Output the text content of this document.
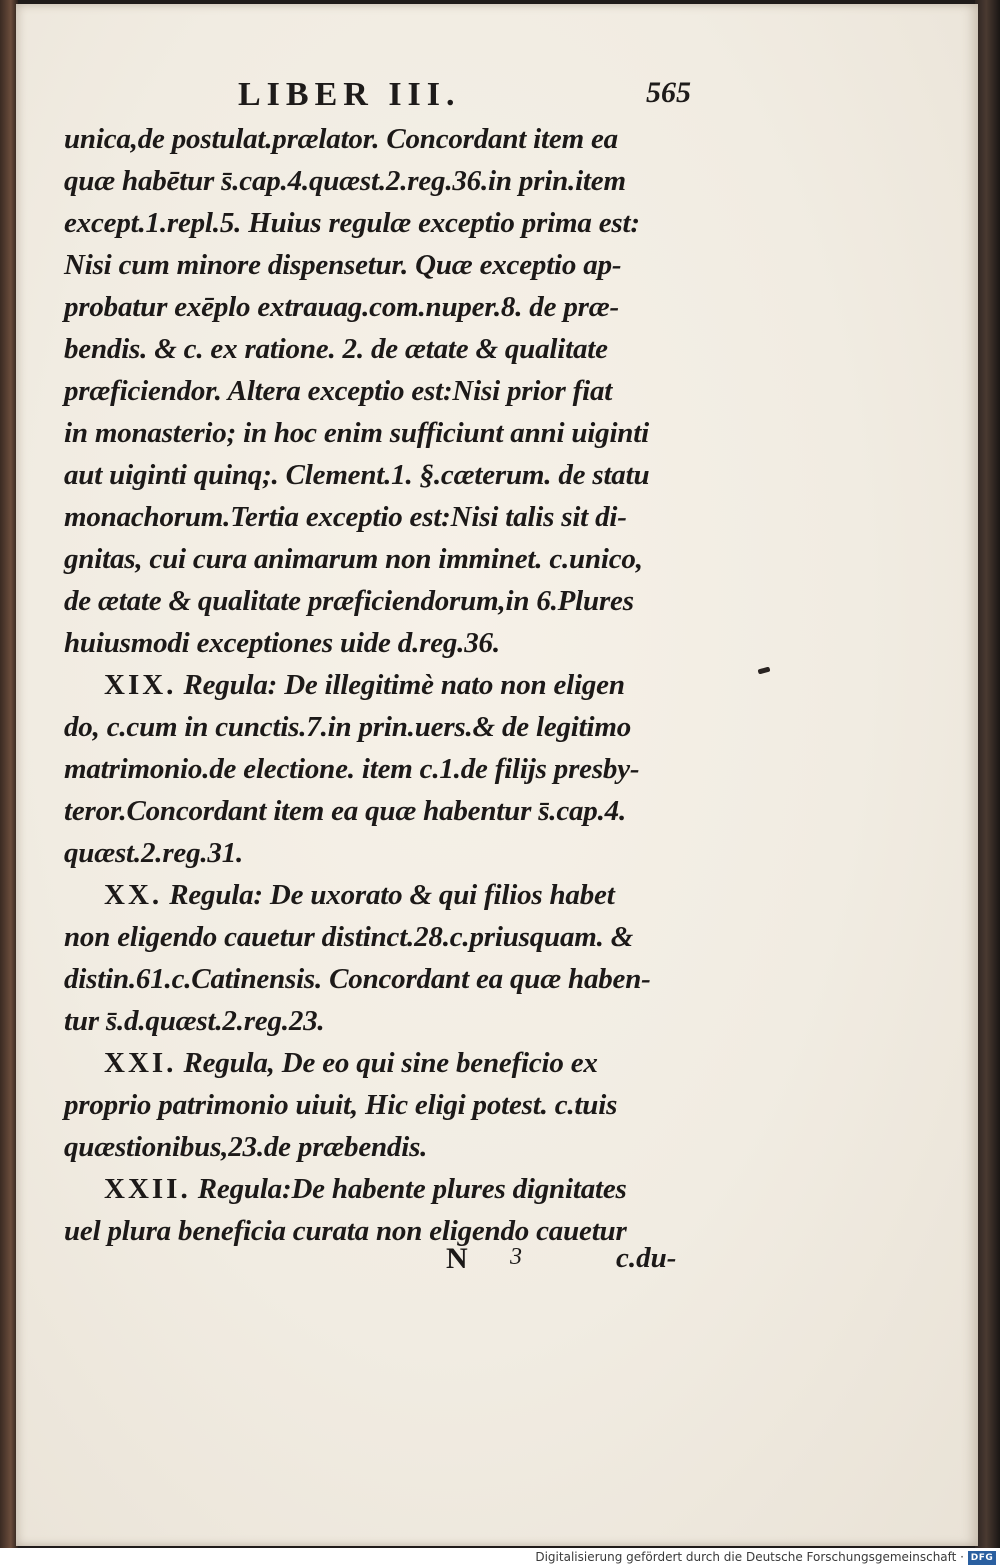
LIBER III.	565
unica,de postulat.prælator. Concordant item ea
quæ habētur s̄.cap.4.quæst.2.reg.36.in prin.item
except.1.repl.5. Huius regulæ exceptio prima est:
Nisi cum minore dispensetur. Quæ exceptio ap-
probatur exēplo extrauag.com.nuper.8. de præ-
bendis. & c. ex ratione. 2. de ætate & qualitate
præficiendor. Altera exceptio est:Nisi prior fiat
in monasterio; in hoc enim sufficiunt anni uiginti
aut uiginti quinq;. Clement.1. §.cæterum. de statu
monachorum.Tertia exceptio est:Nisi talis sit di-
gnitas, cui cura animarum non imminet. c.unico,
de ætate & qualitate præficiendorum,in 6.Plures
huiusmodi exceptiones uide d.reg.36.
XIX. Regula: De illegitimè nato non eligen
do, c.cum in cunctis.7.in prin.uers.& de legitimo
matrimonio.de electione. item c.1.de filijs presby-
teror.Concordant item ea quæ habentur s̄.cap.4.
quæst.2.reg.31.
XX. Regula: De uxorato & qui filios habet
non eligendo cauetur distinct.28.c.priusquam. &
distin.61.c.Catinensis. Concordant ea quæ haben-
tur s̄.d.quæst.2.reg.23.
XXI. Regula, De eo qui sine beneficio ex
proprio patrimonio uiuit, Hic eligi potest. c.tuis
quæstionibus,23.de præbendis.
XXII. Regula:De habente plures dignitates
uel plura beneficia curata non eligendo cauetur
N 3	c.du-
Digitalisierung gefördert durch die Deutsche Forschungsgemeinschaft · DFG
